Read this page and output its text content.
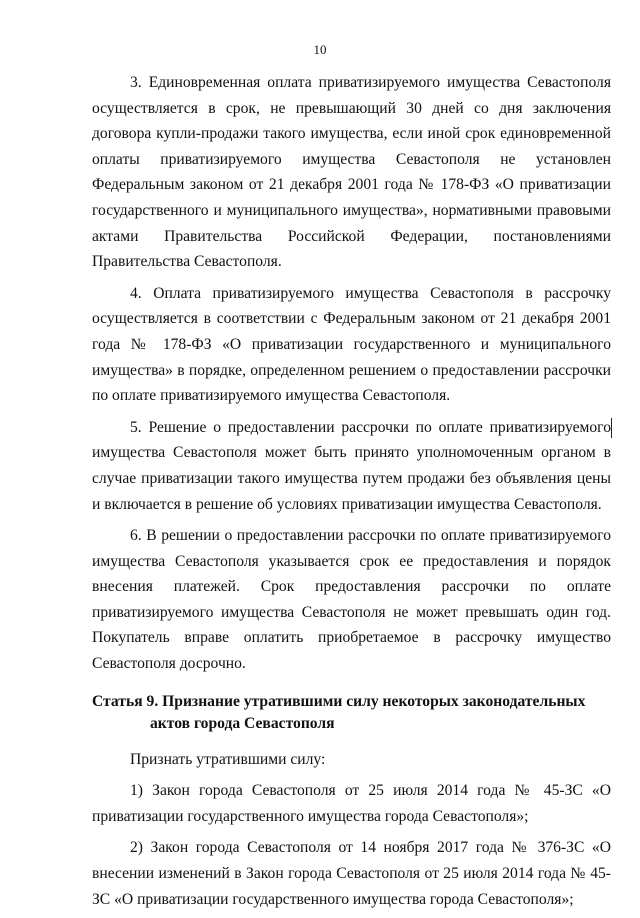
10

3. Единовременная оплата приватизируемого имущества Севастополя осуществляется в срок, не превышающий 30 дней со дня заключения договора купли-продажи такого имущества, если иной срок единовременной оплаты приватизируемого имущества Севастополя не установлен Федеральным законом от 21 декабря 2001 года № 178-ФЗ «О приватизации государственного и муниципального имущества», нормативными правовыми актами Правительства Российской Федерации, постановлениями Правительства Севастополя.

4. Оплата приватизируемого имущества Севастополя в рассрочку осуществляется в соответствии с Федеральным законом от 21 декабря 2001 года № 178-ФЗ «О приватизации государственного и муниципального имущества» в порядке, определенном решением о предоставлении рассрочки по оплате приватизируемого имущества Севастополя.

5. Решение о предоставлении рассрочки по оплате приватизируемого имущества Севастополя может быть принято уполномоченным органом в случае приватизации такого имущества путем продажи без объявления цены и включается в решение об условиях приватизации имущества Севастополя.

6. В решении о предоставлении рассрочки по оплате приватизируемого имущества Севастополя указывается срок ее предоставления и порядок внесения платежей. Срок предоставления рассрочки по оплате приватизируемого имущества Севастополя не может превышать один год. Покупатель вправе оплатить приобретаемое в рассрочку имущество Севастополя досрочно.

Статья 9. Признание утратившими силу некоторых законодательных актов города Севастополя

Признать утратившими силу:

1) Закон города Севастополя от 25 июля 2014 года № 45-ЗС «О приватизации государственного имущества города Севастополя»;

2) Закон города Севастополя от 14 ноября 2017 года № 376-ЗС «О внесении изменений в Закон города Севастополя от 25 июля 2014 года № 45-ЗС «О приватизации государственного имущества города Севастополя»;
